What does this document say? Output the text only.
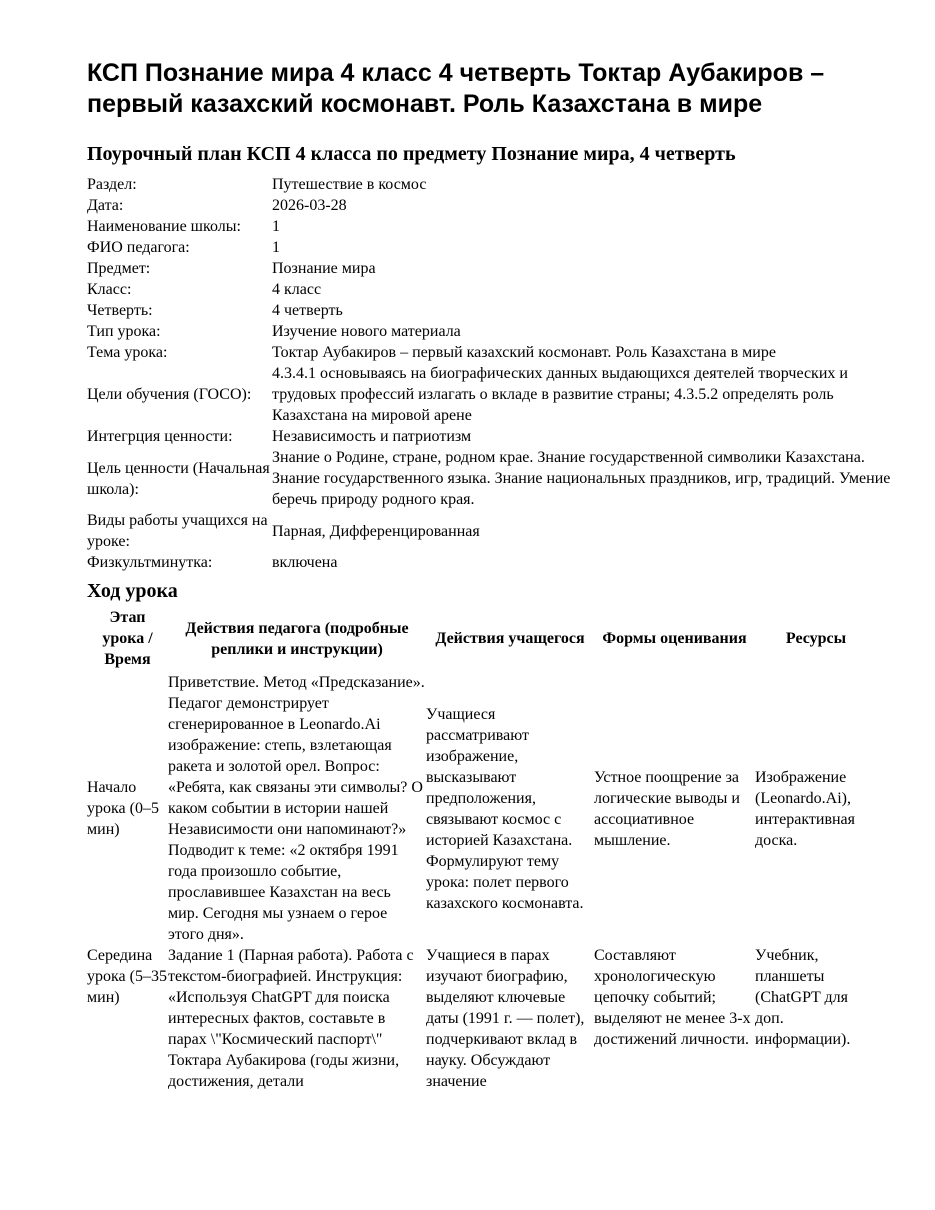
КСП Познание мира 4 класс 4 четверть Токтар Аубакиров – первый казахский космонавт. Роль Казахстана в мире
Поурочный план КСП 4 класса по предмету Познание мира, 4 четверть
Раздел:	Путешествие в космос
Дата:	2026-03-28
Наименование школы:	1
ФИО педагога:	1
Предмет:	Познание мира
Класс:	4 класс
Четверть:	4 четверть
Тип урока:	Изучение нового материала
Тема урока:	Токтар Аубакиров – первый казахский космонавт. Роль Казахстана в мире
Цели обучения (ГОСО):	4.3.4.1 основываясь на биографических данных выдающихся деятелей творческих и трудовых профессий излагать о вкладе в развитие страны; 4.3.5.2 определять роль Казахстана на мировой арене
Интегрция ценности:	Независимость и патриотизм
Цель ценности (Начальная школа):	Знание о Родине, стране, родном крае. Знание государственной символики Казахстана. Знание государственного языка. Знание национальных праздников, игр, традиций. Умение беречь природу родного края.
Виды работы учащихся на уроке:	Парная, Дифференцированная
Физкультминутка:	включена
Ход урока
Этап урока / Время	Действия педагога (подробные реплики и инструкции)	Действия учащегося	Формы оценивания	Ресурсы
Начало урока (0–5 мин)	Приветствие. Метод «Предсказание». Педагог демонстрирует сгенерированное в Leonardo.Ai изображение: степь, взлетающая ракета и золотой орел. Вопрос: «Ребята, как связаны эти символы? О каком событии в истории нашей Независимости они напоминают?» Подводит к теме: «2 октября 1991 года произошло событие, прославившее Казахстан на весь мир. Сегодня мы узнаем о герое этого дня».	Учащиеся рассматривают изображение, высказывают предположения, связывают космос с историей Казахстана. Формулируют тему урока: полет первого казахского космонавта.	Устное поощрение за логические выводы и ассоциативное мышление.	Изображение (Leonardo.Ai), интерактивная доска.
Середина урока (5–35 мин)	Задание 1 (Парная работа). Работа с текстом-биографией. Инструкция: «Используя ChatGPT для поиска интересных фактов, составьте в парах \"Космический паспорт\" Токтара Аубакирова (годы жизни, достижения, детали	Учащиеся в парах изучают биографию, выделяют ключевые даты (1991 г. — полет), подчеркивают вклад в науку. Обсуждают значение	Составляют хронологическую цепочку событий; выделяют не менее 3-х достижений личности.	Учебник, планшеты (ChatGPT для доп. информации).
